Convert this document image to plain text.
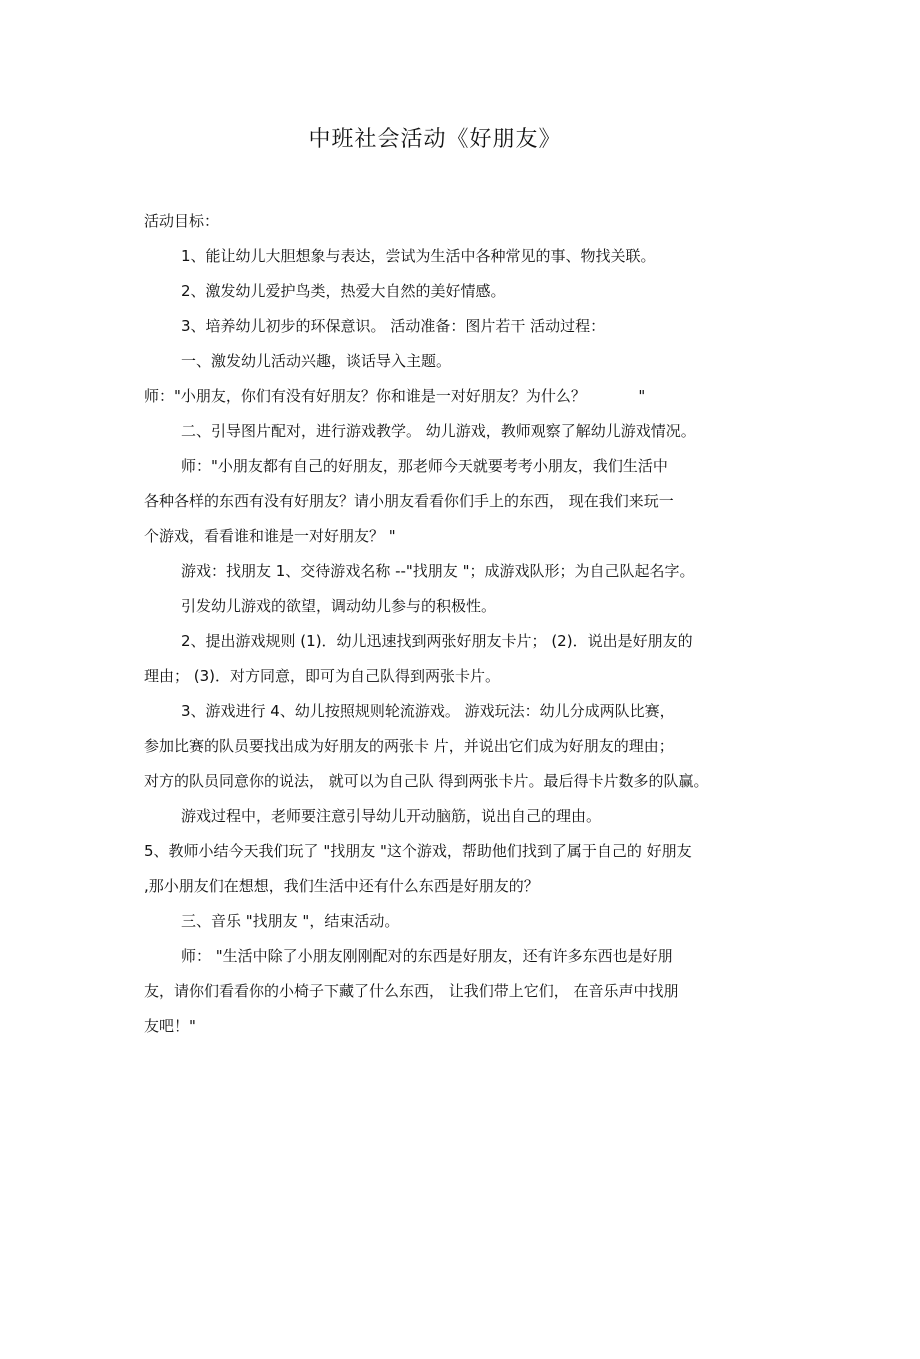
中班社会活动《好朋友》
活动目标：
1、能让幼儿大胆想象与表达，尝试为生活中各种常见的事、物找关联。
2、激发幼儿爱护鸟类，热爱大自然的美好情感。
3、培养幼儿初步的环保意识。 活动准备：图片若干 活动过程：
一、激发幼儿活动兴趣，谈话导入主题。
师："小朋友，你们有没有好朋友？你和谁是一对好朋友？为什么？           "
二、引导图片配对，进行游戏教学。 幼儿游戏，教师观察了解幼儿游戏情况。
师："小朋友都有自己的好朋友，那老师今天就要考考小朋友，我们生活中
各种各样的东西有没有好朋友？请小朋友看看你们手上的东西， 现在我们来玩一
个游戏，看看谁和谁是一对好朋友？ "
游戏：找朋友 1、交待游戏名称 --"找朋友 "；成游戏队形；为自己队起名字。
引发幼儿游戏的欲望，调动幼儿参与的积极性。
2、提出游戏规则 (1)．幼儿迅速找到两张好朋友卡片； (2)．说出是好朋友的
理由； (3)．对方同意，即可为自己队得到两张卡片。
3、游戏进行 4、幼儿按照规则轮流游戏。 游戏玩法：幼儿分成两队比赛，
参加比赛的队员要找出成为好朋友的两张卡 片，并说出它们成为好朋友的理由；
对方的队员同意你的说法， 就可以为自己队 得到两张卡片。最后得卡片数多的队赢。
游戏过程中，老师要注意引导幼儿开动脑筋，说出自己的理由。
5、教师小结今天我们玩了 "找朋友 "这个游戏，帮助他们找到了属于自己的 好朋友
,那小朋友们在想想，我们生活中还有什么东西是好朋友的？
三、音乐 "找朋友 "，结束活动。
师： "生活中除了小朋友刚刚配对的东西是好朋友，还有许多东西也是好朋
友，请你们看看你的小椅子下藏了什么东西， 让我们带上它们， 在音乐声中找朋
友吧！"
